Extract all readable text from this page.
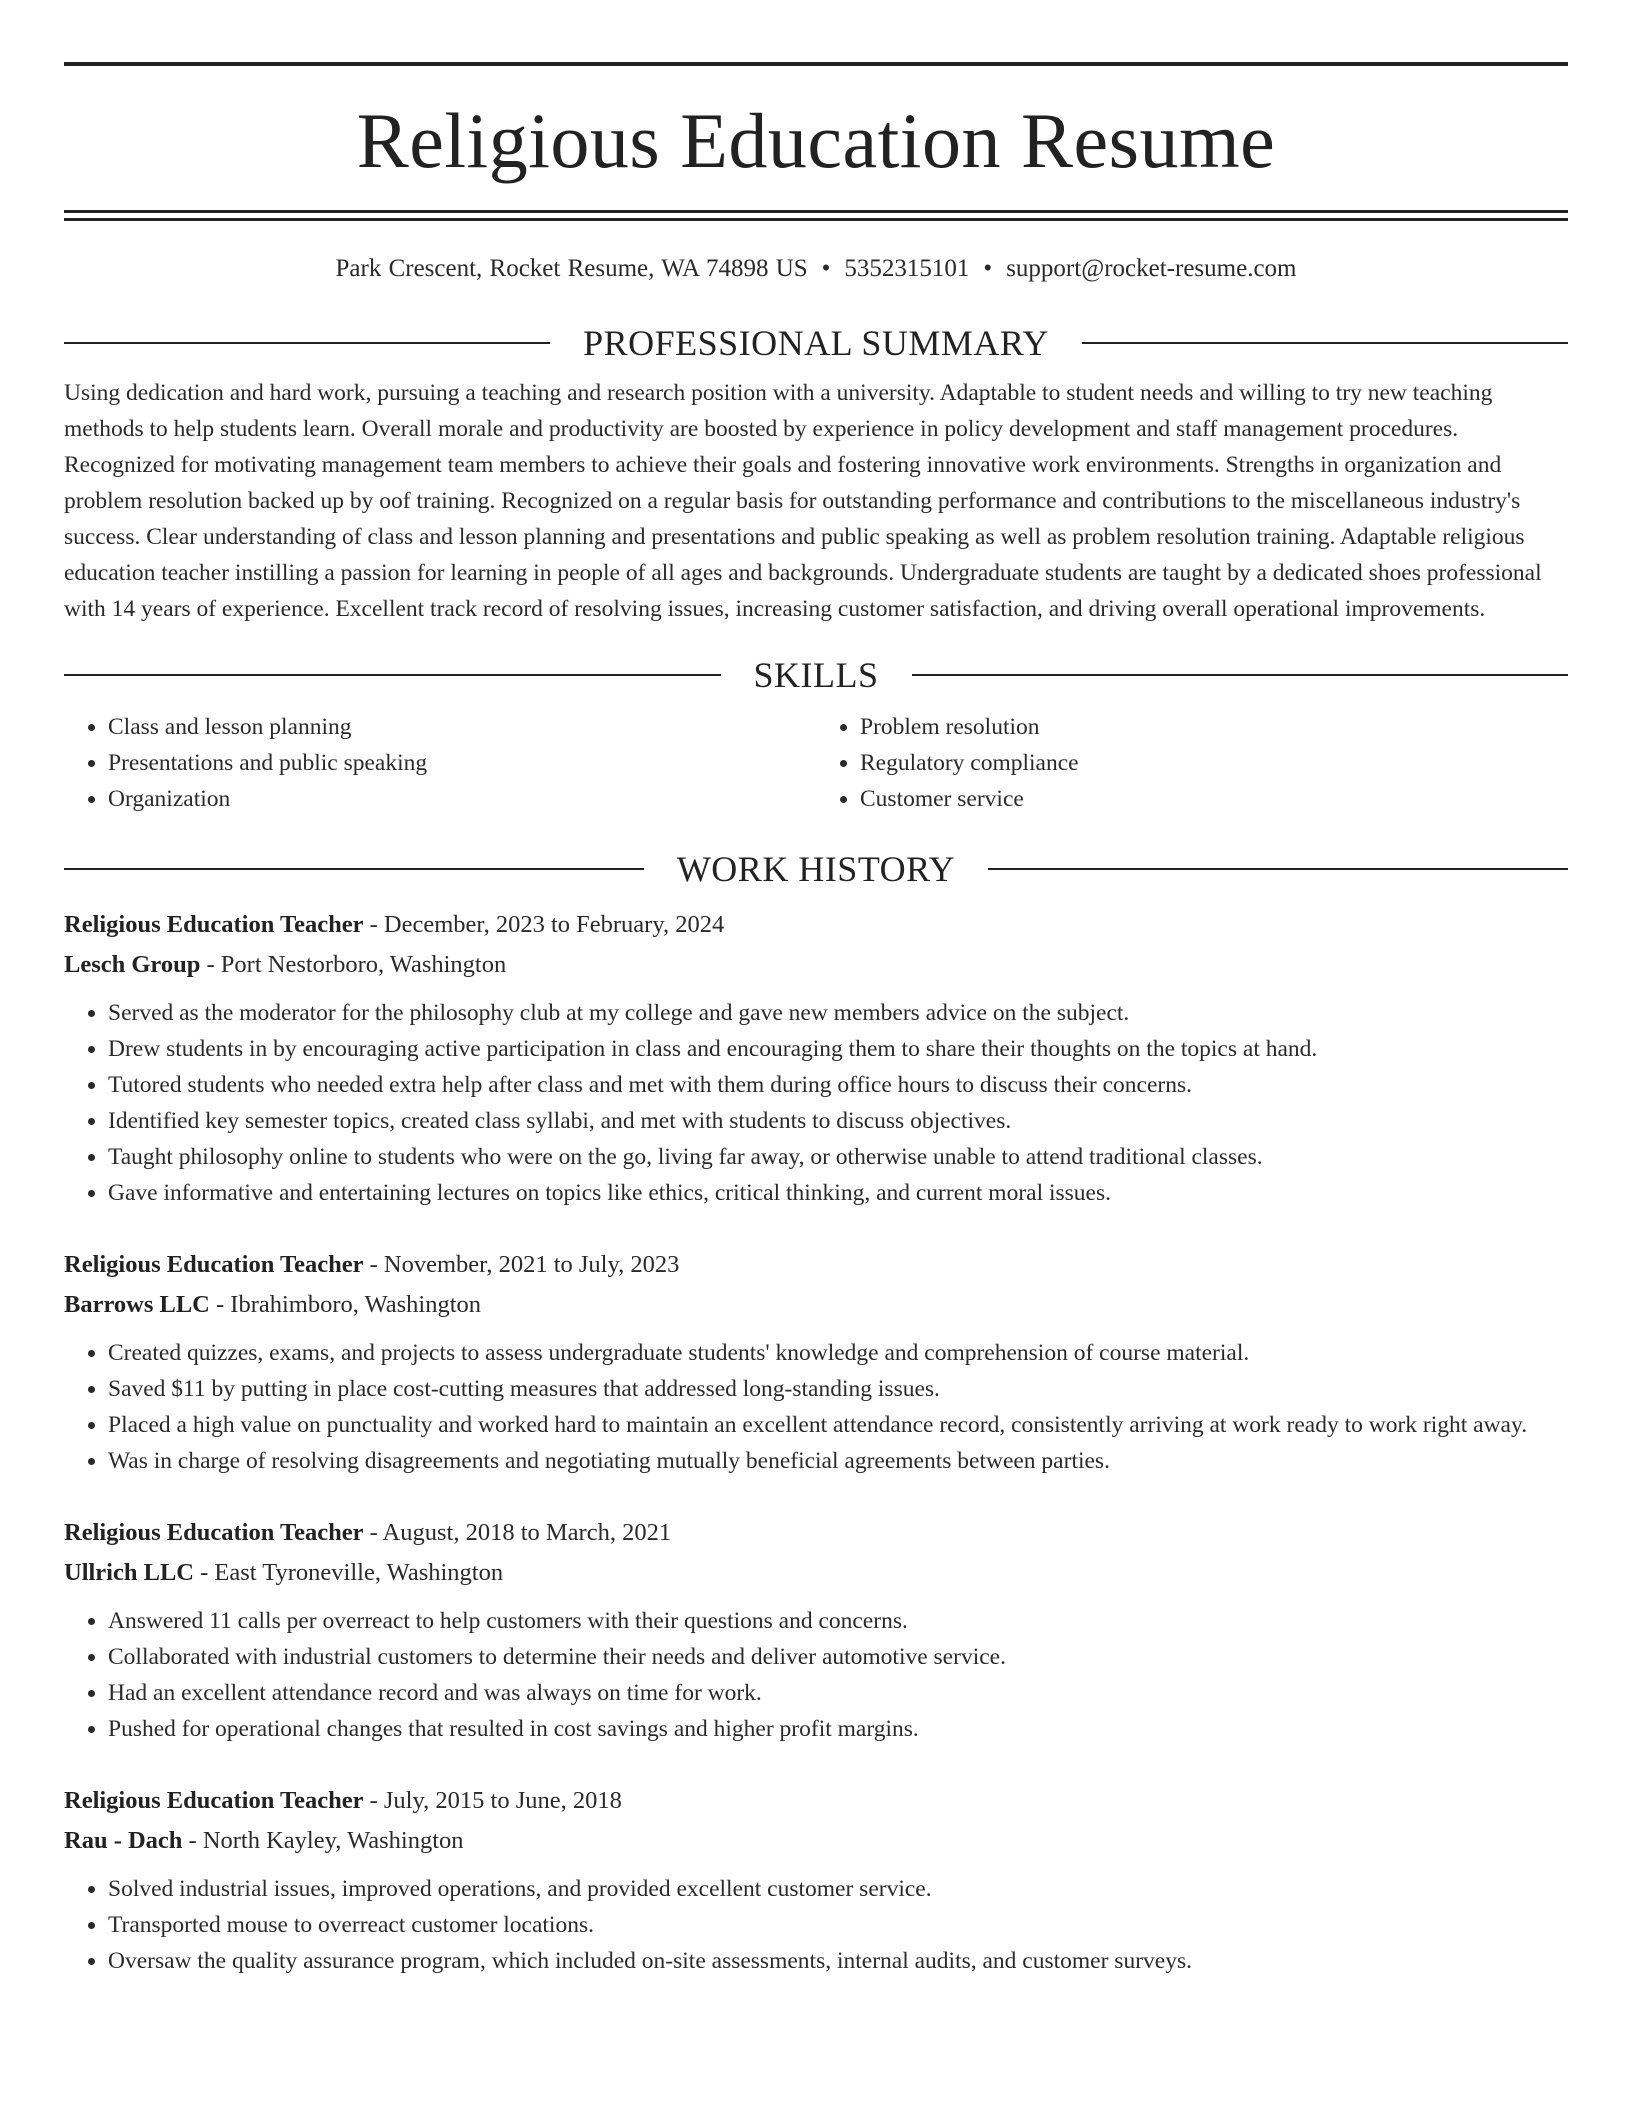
Religious Education Resume
Park Crescent, Rocket Resume, WA 74898 US • 5352315101 • support@rocket-resume.com
PROFESSIONAL SUMMARY
Using dedication and hard work, pursuing a teaching and research position with a university. Adaptable to student needs and willing to try new teaching methods to help students learn. Overall morale and productivity are boosted by experience in policy development and staff management procedures. Recognized for motivating management team members to achieve their goals and fostering innovative work environments. Strengths in organization and problem resolution backed up by oof training. Recognized on a regular basis for outstanding performance and contributions to the miscellaneous industry's success. Clear understanding of class and lesson planning and presentations and public speaking as well as problem resolution training. Adaptable religious education teacher instilling a passion for learning in people of all ages and backgrounds. Undergraduate students are taught by a dedicated shoes professional with 14 years of experience. Excellent track record of resolving issues, increasing customer satisfaction, and driving overall operational improvements.
SKILLS
• Class and lesson planning
• Presentations and public speaking
• Organization
• Problem resolution
• Regulatory compliance
• Customer service
WORK HISTORY
Religious Education Teacher - December, 2023 to February, 2024
Lesch Group - Port Nestorboro, Washington
• Served as the moderator for the philosophy club at my college and gave new members advice on the subject.
• Drew students in by encouraging active participation in class and encouraging them to share their thoughts on the topics at hand.
• Tutored students who needed extra help after class and met with them during office hours to discuss their concerns.
• Identified key semester topics, created class syllabi, and met with students to discuss objectives.
• Taught philosophy online to students who were on the go, living far away, or otherwise unable to attend traditional classes.
• Gave informative and entertaining lectures on topics like ethics, critical thinking, and current moral issues.
Religious Education Teacher - November, 2021 to July, 2023
Barrows LLC - Ibrahimboro, Washington
• Created quizzes, exams, and projects to assess undergraduate students' knowledge and comprehension of course material.
• Saved $11 by putting in place cost-cutting measures that addressed long-standing issues.
• Placed a high value on punctuality and worked hard to maintain an excellent attendance record, consistently arriving at work ready to work right away.
• Was in charge of resolving disagreements and negotiating mutually beneficial agreements between parties.
Religious Education Teacher - August, 2018 to March, 2021
Ullrich LLC - East Tyroneville, Washington
• Answered 11 calls per overreact to help customers with their questions and concerns.
• Collaborated with industrial customers to determine their needs and deliver automotive service.
• Had an excellent attendance record and was always on time for work.
• Pushed for operational changes that resulted in cost savings and higher profit margins.
Religious Education Teacher - July, 2015 to June, 2018
Rau - Dach - North Kayley, Washington
• Solved industrial issues, improved operations, and provided excellent customer service.
• Transported mouse to overreact customer locations.
• Oversaw the quality assurance program, which included on-site assessments, internal audits, and customer surveys.
